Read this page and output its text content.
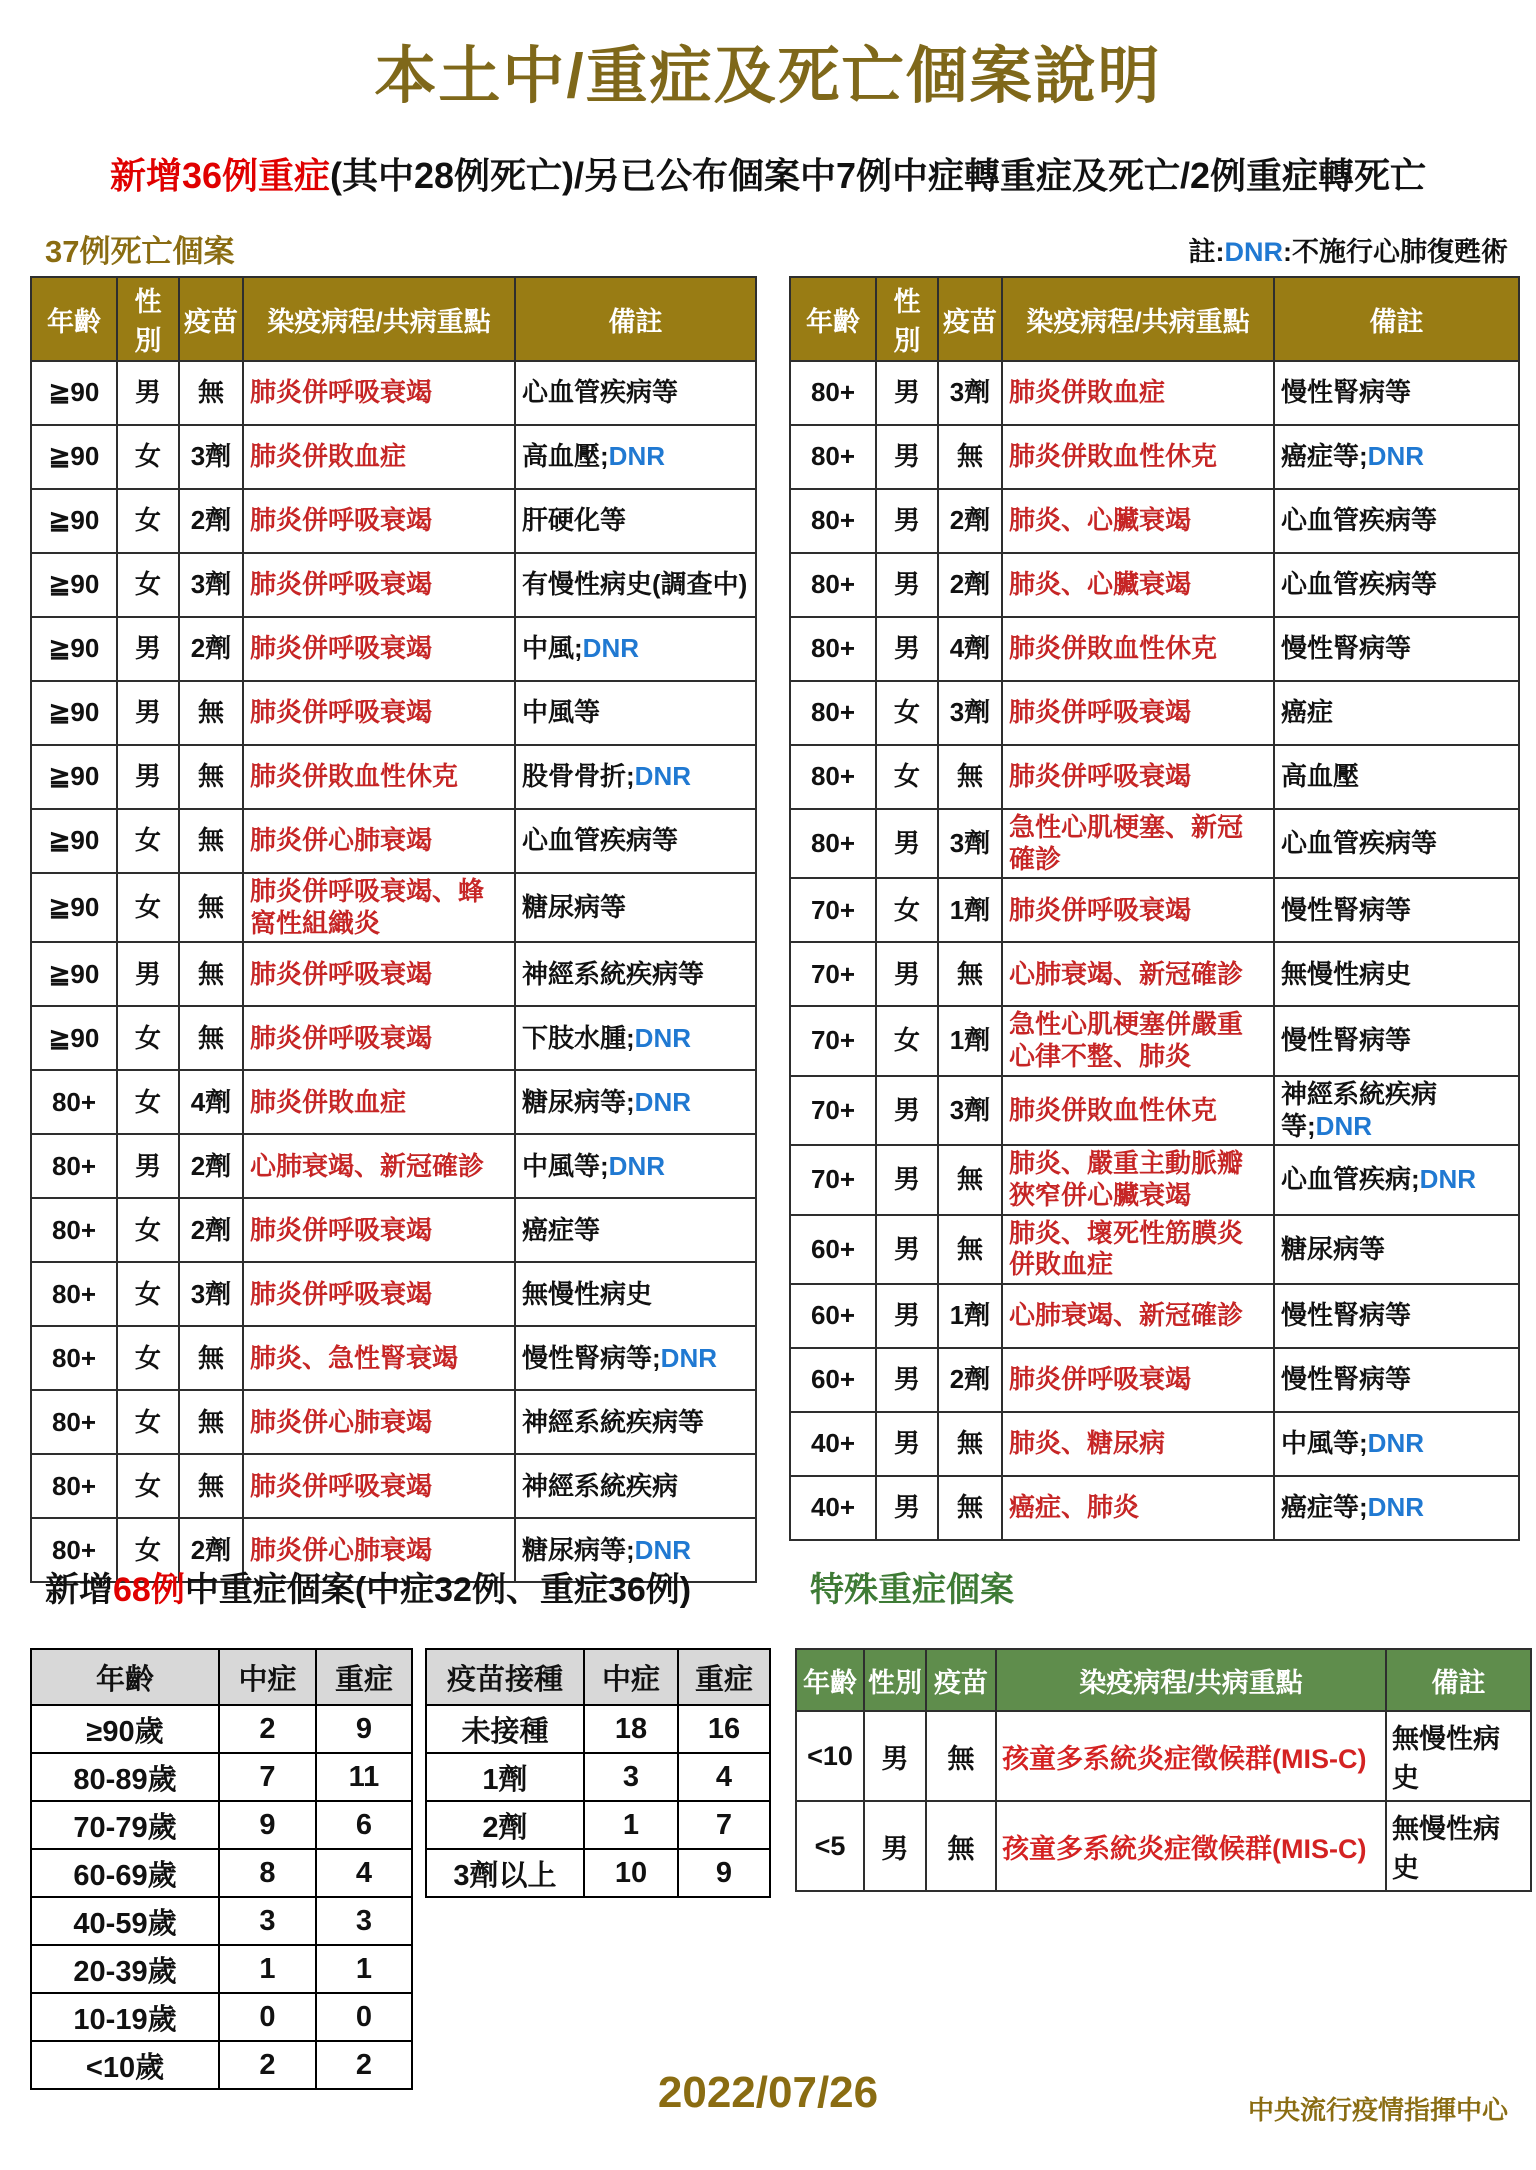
本土中/重症及死亡個案說明
新增36例重症(其中28例死亡)/另已公布個案中7例中症轉重症及死亡/2例重症轉死亡
37例死亡個案	註:DNR:不施行心肺復甦術
年齡	性別	疫苗	染疫病程/共病重點	備註
≧90	男	無	肺炎併呼吸衰竭	心血管疾病等
≧90	女	3劑	肺炎併敗血症	高血壓;DNR
≧90	女	2劑	肺炎併呼吸衰竭	肝硬化等
≧90	女	3劑	肺炎併呼吸衰竭	有慢性病史(調查中)
≧90	男	2劑	肺炎併呼吸衰竭	中風;DNR
≧90	男	無	肺炎併呼吸衰竭	中風等
≧90	男	無	肺炎併敗血性休克	股骨骨折;DNR
≧90	女	無	肺炎併心肺衰竭	心血管疾病等
≧90	女	無	肺炎併呼吸衰竭、蜂窩性組織炎	糖尿病等
≧90	男	無	肺炎併呼吸衰竭	神經系統疾病等
≧90	女	無	肺炎併呼吸衰竭	下肢水腫;DNR
80+	女	4劑	肺炎併敗血症	糖尿病等;DNR
80+	男	2劑	心肺衰竭、新冠確診	中風等;DNR
80+	女	2劑	肺炎併呼吸衰竭	癌症等
80+	女	3劑	肺炎併呼吸衰竭	無慢性病史
80+	女	無	肺炎、急性腎衰竭	慢性腎病等;DNR
80+	女	無	肺炎併心肺衰竭	神經系統疾病等
80+	女	無	肺炎併呼吸衰竭	神經系統疾病
80+	女	2劑	肺炎併心肺衰竭	糖尿病等;DNR
年齡	性別	疫苗	染疫病程/共病重點	備註
80+	男	3劑	肺炎併敗血症	慢性腎病等
80+	男	無	肺炎併敗血性休克	癌症等;DNR
80+	男	2劑	肺炎、心臟衰竭	心血管疾病等
80+	男	2劑	肺炎、心臟衰竭	心血管疾病等
80+	男	4劑	肺炎併敗血性休克	慢性腎病等
80+	女	3劑	肺炎併呼吸衰竭	癌症
80+	女	無	肺炎併呼吸衰竭	高血壓
80+	男	3劑	急性心肌梗塞、新冠確診	心血管疾病等
70+	女	1劑	肺炎併呼吸衰竭	慢性腎病等
70+	男	無	心肺衰竭、新冠確診	無慢性病史
70+	女	1劑	急性心肌梗塞併嚴重心律不整、肺炎	慢性腎病等
70+	男	3劑	肺炎併敗血性休克	神經系統疾病等;DNR
70+	男	無	肺炎、嚴重主動脈瓣狹窄併心臟衰竭	心血管疾病;DNR
60+	男	無	肺炎、壞死性筋膜炎併敗血症	糖尿病等
60+	男	1劑	心肺衰竭、新冠確診	慢性腎病等
60+	男	2劑	肺炎併呼吸衰竭	慢性腎病等
40+	男	無	肺炎、糖尿病	中風等;DNR
40+	男	無	癌症、肺炎	癌症等;DNR
新增68例中重症個案(中症32例、重症36例)	特殊重症個案
年齡	中症	重症
≥90歲	2	9
80-89歲	7	11
70-79歲	9	6
60-69歲	8	4
40-59歲	3	3
20-39歲	1	1
10-19歲	0	0
<10歲	2	2
疫苗接種	中症	重症
未接種	18	16
1劑	3	4
2劑	1	7
3劑以上	10	9
年齡	性別	疫苗	染疫病程/共病重點	備註
<10	男	無	孩童多系統炎症徵候群(MIS-C)	無慢性病史
<5	男	無	孩童多系統炎症徵候群(MIS-C)	無慢性病史
2022/07/26	中央流行疫情指揮中心
